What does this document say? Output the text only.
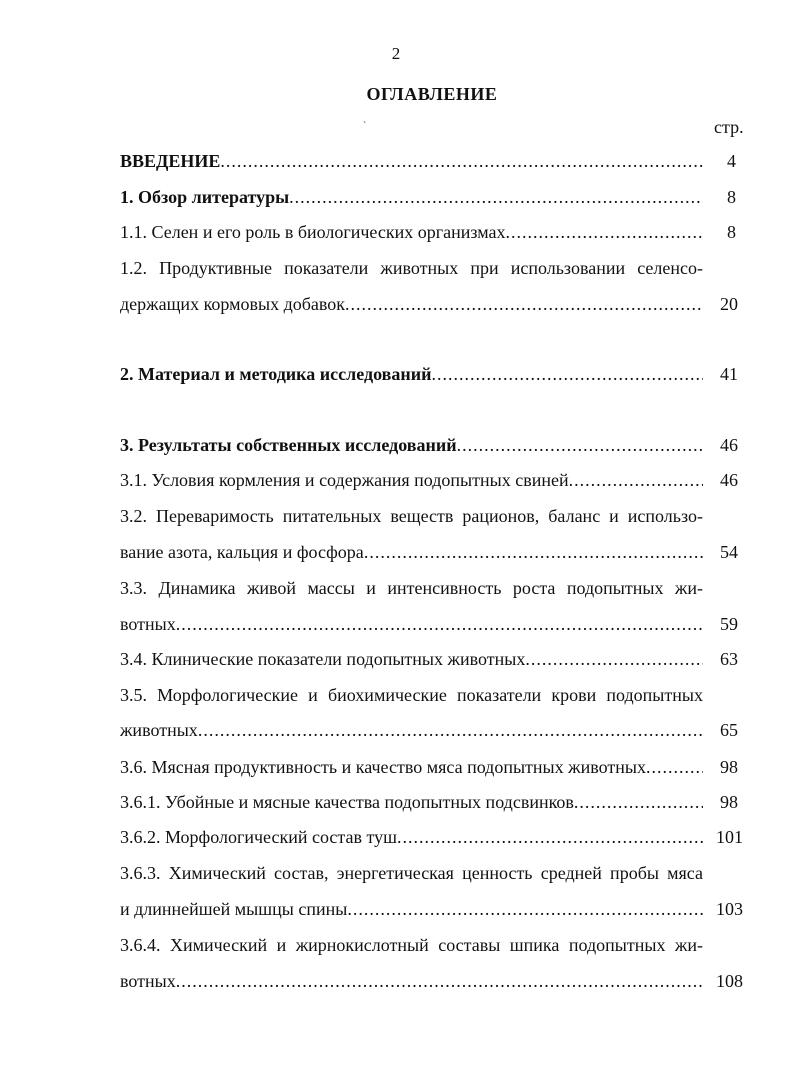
2
ОГЛАВЛЕНИЕ
`	стр.
ВВЕДЕНИЕ .....	4
1. Обзор литературы .....	8
1.1. Селен и его роль в биологических организмах .....	8
1.2. Продуктивные показатели животных при использовании селенсо-
держащих кормовых добавок .....	20
2. Материал и методика исследований .....	41
3. Результаты собственных исследований .....	46
3.1. Условия кормления и содержания подопытных свиней .....	46
3.2. Переваримость питательных веществ рационов, баланс и использо-
вание азота, кальция и фосфора .....	54
3.3. Динамика живой массы и интенсивность роста подопытных жи-
вотных .....	59
3.4. Клинические показатели подопытных животных .....	63
3.5. Морфологические и биохимические показатели крови подопытных
животных .....	65
3.6. Мясная продуктивность и качество мяса подопытных животных .....	98
3.6.1. Убойные и мясные качества подопытных подсвинков .....	98
3.6.2. Морфологический состав туш .....	101
3.6.3. Химический состав, энергетическая ценность средней пробы мяса
и длиннейшей мышцы спины .....	103
3.6.4. Химический и жирнокислотный составы шпика подопытных жи-
вотных .....	108
